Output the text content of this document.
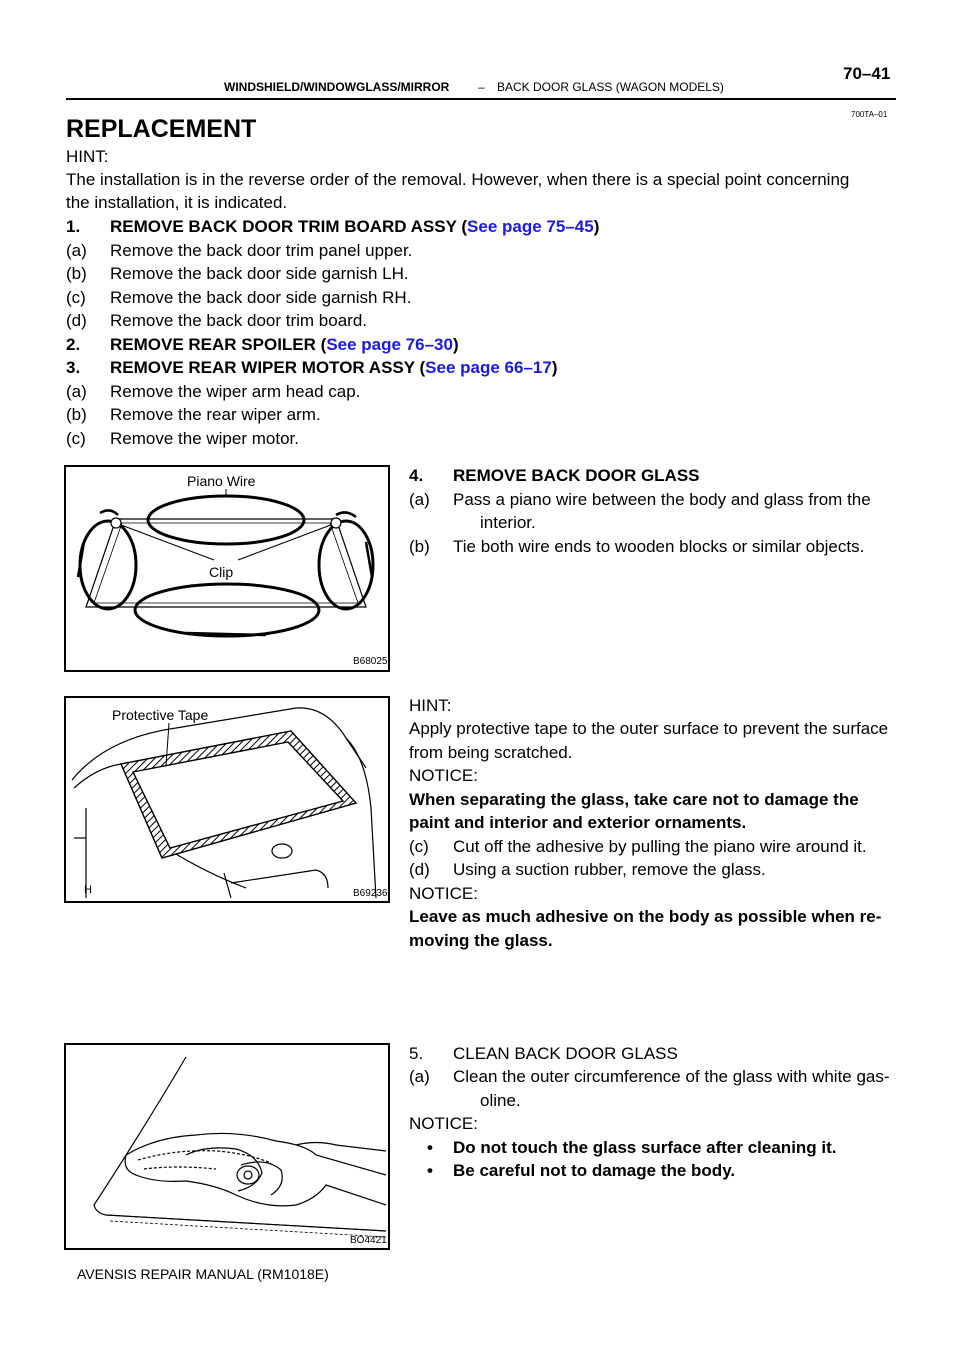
WINDSHIELD/WINDOWGLASS/MIRROR – BACK DOOR GLASS (WAGON MODELS)
70–41
700TA–01
REPLACEMENT
HINT:
The installation is in the reverse order of the removal. However, when there is a special point concerning
the installation, it is indicated.
1. REMOVE BACK DOOR TRIM BOARD ASSY (See page 75–45)
(a) Remove the back door trim panel upper.
(b) Remove the back door side garnish LH.
(c) Remove the back door side garnish RH.
(d) Remove the back door trim board.
2. REMOVE REAR SPOILER (See page 76–30)
3. REMOVE REAR WIPER MOTOR ASSY (See page 66–17)
(a) Remove the wiper arm head cap.
(b) Remove the rear wiper arm.
(c) Remove the wiper motor.
Piano Wire
Clip
B68025
4. REMOVE BACK DOOR GLASS
(a) Pass a piano wire between the body and glass from the
interior.
(b) Tie both wire ends to wooden blocks or similar objects.
Protective Tape
H	B69236
HINT:
Apply protective tape to the outer surface to prevent the surface
from being scratched.
NOTICE:
When separating the glass, take care not to damage the
paint and interior and exterior ornaments.
(c) Cut off the adhesive by pulling the piano wire around it.
(d) Using a suction rubber, remove the glass.
NOTICE:
Leave as much adhesive on the body as possible when re-
moving the glass.
BO4421
5. CLEAN BACK DOOR GLASS
(a) Clean the outer circumference of the glass with white gas-
oline.
NOTICE:
• Do not touch the glass surface after cleaning it.
• Be careful not to damage the body.
AVENSIS REPAIR MANUAL (RM1018E)
